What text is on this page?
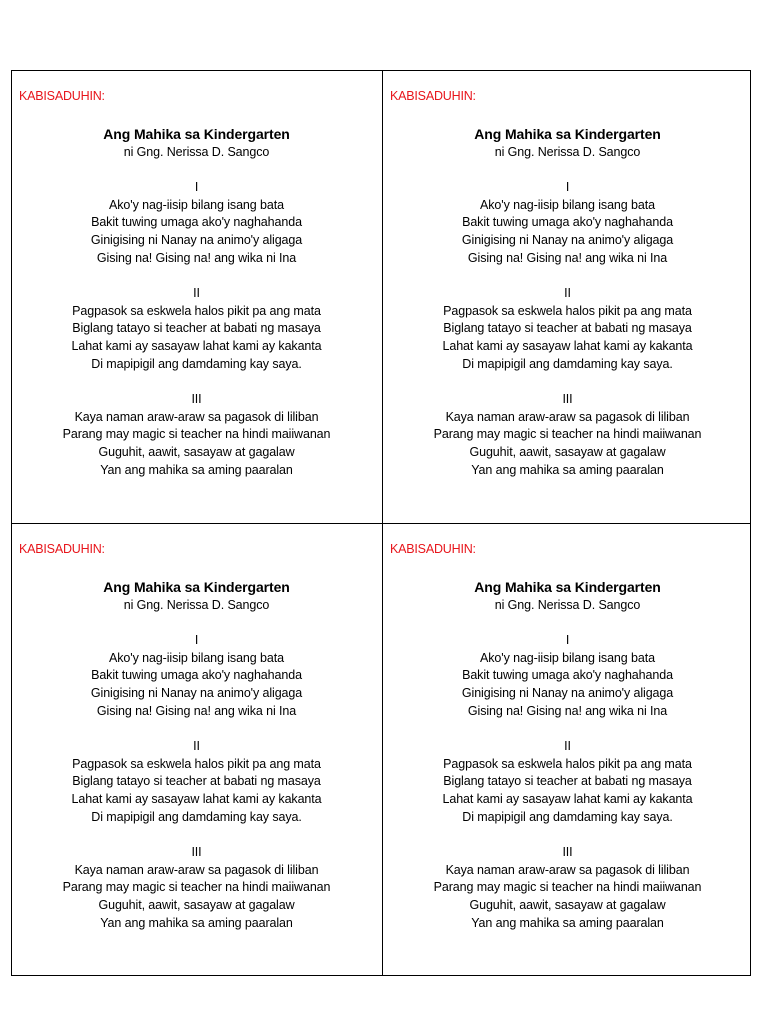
KABISADUHIN:
Ang Mahika sa Kindergarten
ni Gng. Nerissa D. Sangco
I
Ako'y nag-iisip bilang isang bata
Bakit tuwing umaga ako'y naghahanda
Ginigising ni Nanay na animo'y aligaga
Gising na! Gising na! ang wika ni Ina
II
Pagpasok sa eskwela halos pikit pa ang mata
Biglang tatayo si teacher at babati ng masaya
Lahat kami ay sasayaw lahat kami ay kakanta
Di mapipigil ang damdaming kay saya.
III
Kaya naman araw-araw sa pagasok di liliban
Parang may magic si teacher na hindi maiiwanan
Guguhit, aawit, sasayaw at gagalaw
Yan ang mahika sa aming paaralan
KABISADUHIN:
Ang Mahika sa Kindergarten
ni Gng. Nerissa D. Sangco
I
Ako'y nag-iisip bilang isang bata
Bakit tuwing umaga ako'y naghahanda
Ginigising ni Nanay na animo'y aligaga
Gising na! Gising na! ang wika ni Ina
II
Pagpasok sa eskwela halos pikit pa ang mata
Biglang tatayo si teacher at babati ng masaya
Lahat kami ay sasayaw lahat kami ay kakanta
Di mapipigil ang damdaming kay saya.
III
Kaya naman araw-araw sa pagasok di liliban
Parang may magic si teacher na hindi maiiwanan
Guguhit, aawit, sasayaw at gagalaw
Yan ang mahika sa aming paaralan
KABISADUHIN:
Ang Mahika sa Kindergarten
ni Gng. Nerissa D. Sangco
I
Ako'y nag-iisip bilang isang bata
Bakit tuwing umaga ako'y naghahanda
Ginigising ni Nanay na animo'y aligaga
Gising na! Gising na! ang wika ni Ina
II
Pagpasok sa eskwela halos pikit pa ang mata
Biglang tatayo si teacher at babati ng masaya
Lahat kami ay sasayaw lahat kami ay kakanta
Di mapipigil ang damdaming kay saya.
III
Kaya naman araw-araw sa pagasok di liliban
Parang may magic si teacher na hindi maiiwanan
Guguhit, aawit, sasayaw at gagalaw
Yan ang mahika sa aming paaralan
KABISADUHIN:
Ang Mahika sa Kindergarten
ni Gng. Nerissa D. Sangco
I
Ako'y nag-iisip bilang isang bata
Bakit tuwing umaga ako'y naghahanda
Ginigising ni Nanay na animo'y aligaga
Gising na! Gising na! ang wika ni Ina
II
Pagpasok sa eskwela halos pikit pa ang mata
Biglang tatayo si teacher at babati ng masaya
Lahat kami ay sasayaw lahat kami ay kakanta
Di mapipigil ang damdaming kay saya.
III
Kaya naman araw-araw sa pagasok di liliban
Parang may magic si teacher na hindi maiiwanan
Guguhit, aawit, sasayaw at gagalaw
Yan ang mahika sa aming paaralan
